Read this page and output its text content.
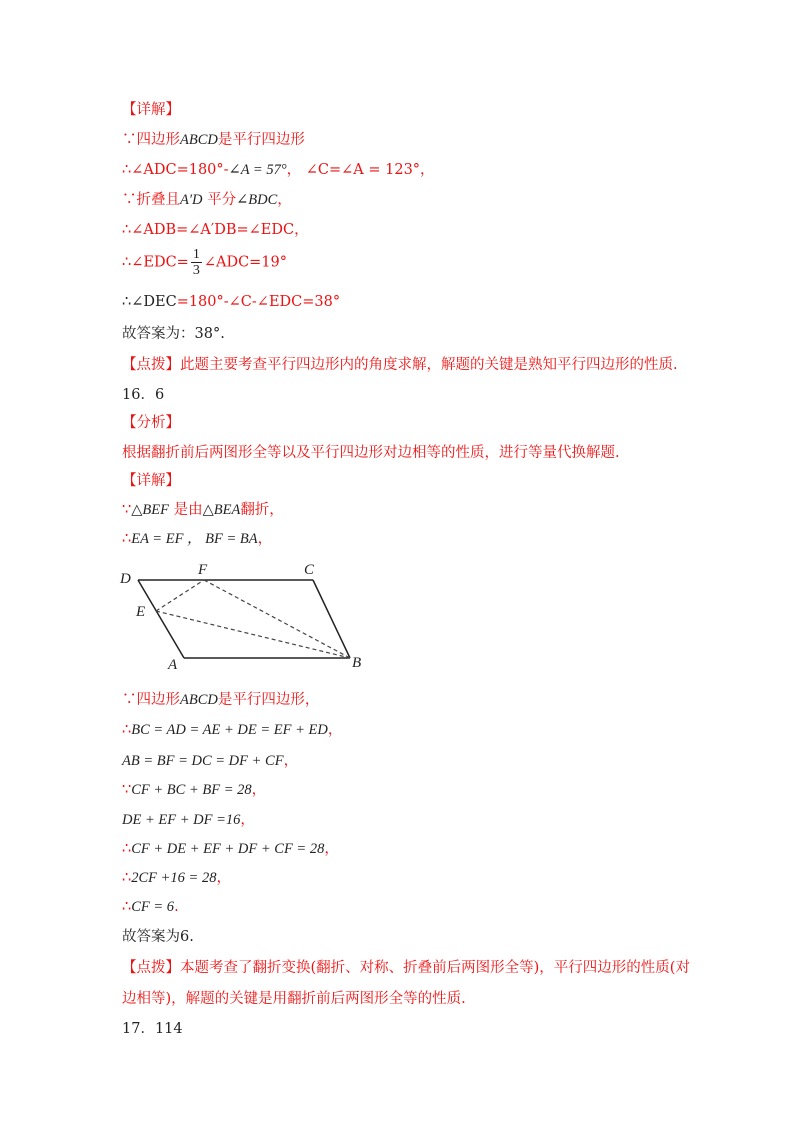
【详解】
∵四边形ABCD是平行四边形
∴∠ADC=180°-∠A = 57°， ∠C=∠A = 123°，
∵折叠且A′D 平分∠BDC，
∴∠ADB=∠A′DB=∠EDC，
∴∠EDC= $\frac{1}{3}$ ∠ADC=19°
∴∠DEC=180°-∠C-∠EDC=38°
故答案为：38°.
【点拨】此题主要考查平行四边形内的角度求解，解题的关键是熟知平行四边形的性质.
16．6
【分析】
根据翻折前后两图形全等以及平行四边形对边相等的性质，进行等量代换解题.
【详解】
∵△BEF 是由△BEA翻折，
∴EA = EF ， BF = BA，
D
F	C
E
A	B
∵四边形ABCD是平行四边形，
∴BC = AD = AE + DE = EF + ED，
AB = BF = DC = DF + CF，
∵CF + BC + BF = 28，
DE + EF + DF =16，
∴CF + DE + EF + DF + CF = 28，
∴2CF +16 = 28，
∴CF = 6.
故答案为6.
【点拨】本题考查了翻折变换(翻折、对称、折叠前后两图形全等)，平行四边形的性质(对
边相等)，解题的关键是用翻折前后两图形全等的性质.
17．114
